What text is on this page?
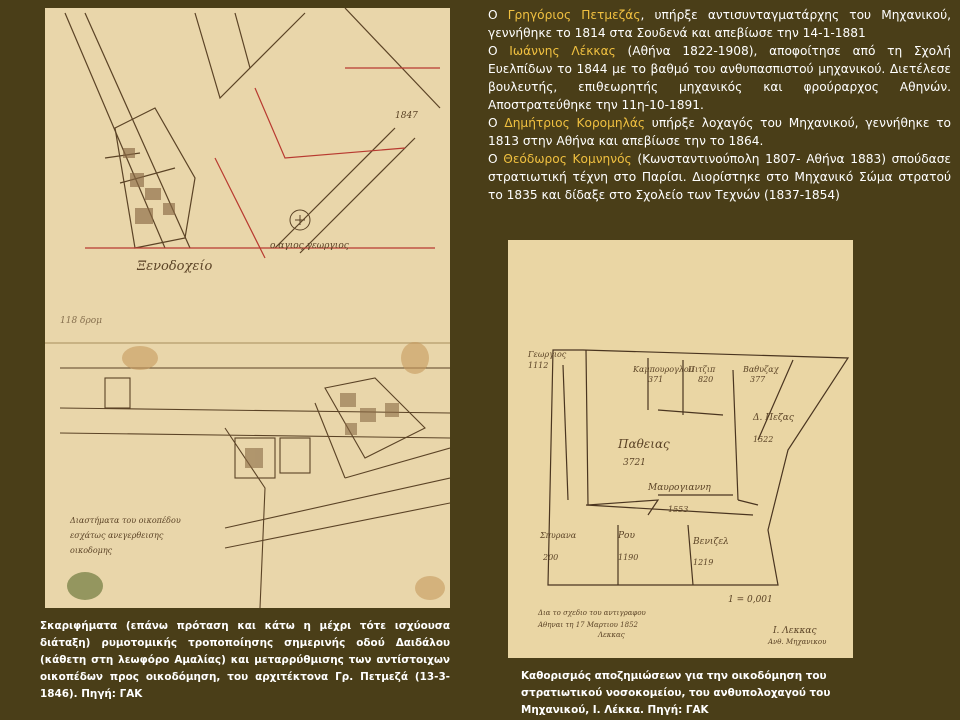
Ο Γρηγόριος Πετμεζάς, υπήρξε αντισυνταγματάρχης του Μηχανικού, γεννήθηκε το 1814 στα Σουδενά και απεβίωσε την 14-1-1881

Ο Ιωάννης Λέκκας (Αθήνα 1822-1908), αποφοίτησε από τη Σχολή Ευελπίδων το 1844 με το βαθμό του ανθυπασπιστού μηχανικού. Διετέλεσε βουλευτής, επιθεωρητής μηχανικός και φρούραρχος Αθηνών. Αποστρατεύθηκε την 11η-10-1891.

Ο Δημήτριος Κορομηλάς υπήρξε λοχαγός του Μηχανικού, γεννήθηκε το 1813 στην Αθήνα και απεβίωσε την το 1864.

Ο Θεόδωρος Κομνηνός (Κωνσταντινούπολη 1807- Αθήνα 1883) σπούδασε στρατιωτική τέχνη στο Παρίσι. Διορίστηκε στο Μηχανικό Σώμα στρατού το 1835 και δίδαξε στο Σχολείο των Τεχνών (1837-1854)

Ξενοδοχείο
ο αγιος γεωργιος
1847
118 δρομ
Διαστήματα του οικοπέδου
εσχάτως ανεγερθεισης
οικοδομης
Γεωργιος
1112	Καμπουρογλου
371
Πιτζιπ
820
Βαθυζαχ
377
Δ. Πεζας
1522
Παθειας
3721
Μαυρογιαννη
1553
Σπυρανα
200
Ρου
1190
Βενιζελ
1219
Δια το σχεδιο του αντιγραφου
Αθηναι τη 17 Μαρτιου 1852
Λεκκας
1 = 0,001
Ι. Λεκκας
Ανθ. Μηχανικου
Σκαριφήματα (επάνω πρόταση και κάτω η μέχρι τότε ισχύουσα διάταξη) ρυμοτομικής τροποποίησης σημερινής οδού Δαιδάλου (κάθετη στη λεωφόρο Αμαλίας) και μεταρρύθμισης των αντίστοιχων οικοπέδων προς οικοδόμηση, του αρχιτέκτονα Γρ. Πετμεζά (13-3-1846). Πηγή: ΓΑΚ
Καθορισμός αποζημιώσεων για την οικοδόμηση του στρατιωτικού νοσοκομείου, του ανθυπολοχαγού του Μηχανικού, Ι. Λέκκα. Πηγή: ΓΑΚ
